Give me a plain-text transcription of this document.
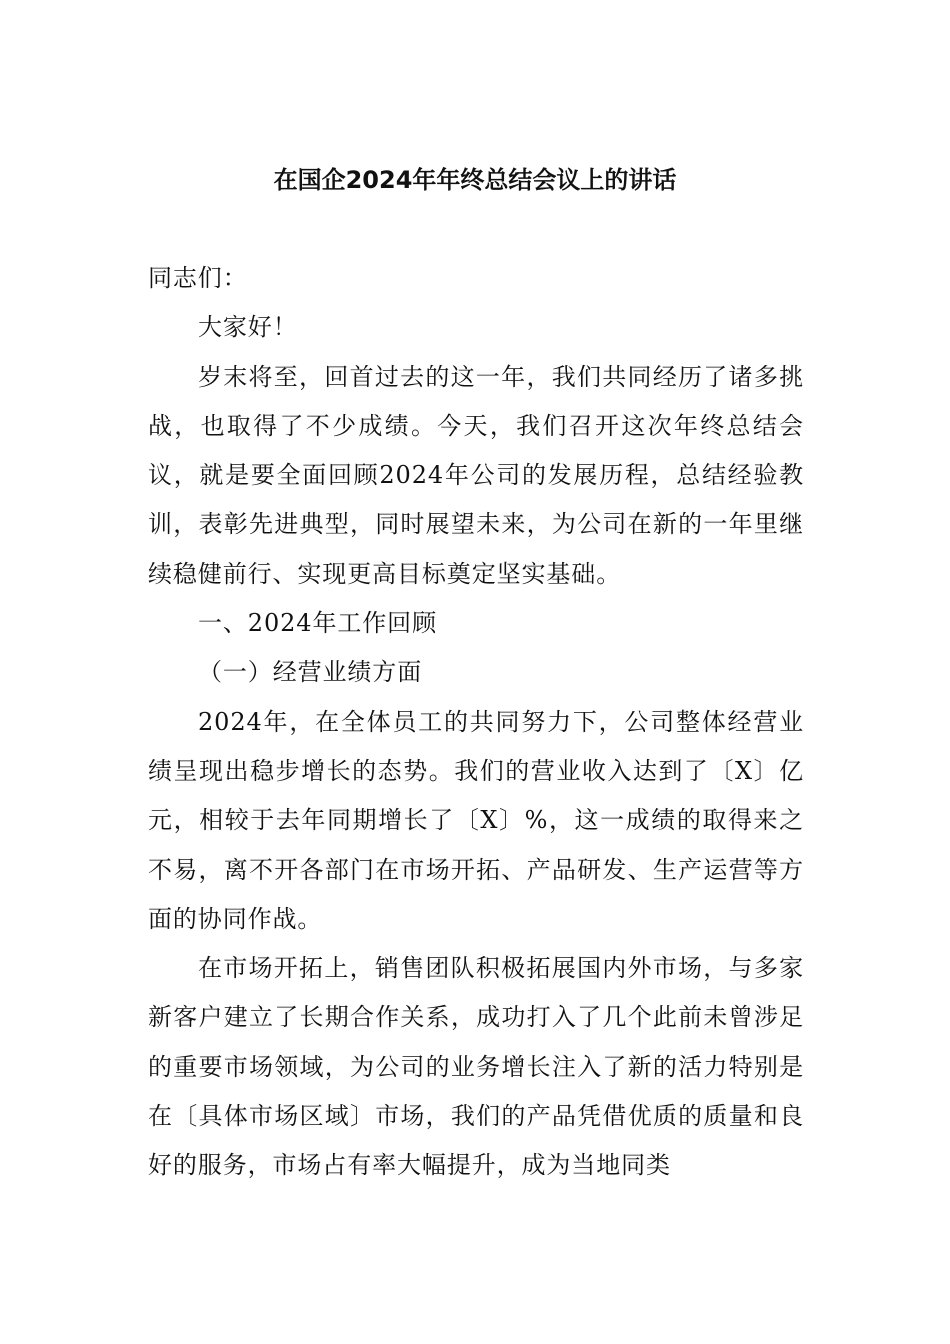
在国企2024年年终总结会议上的讲话

同志们：

大家好！

岁末将至，回首过去的这一年，我们共同经历了诸多挑战，也取得了不少成绩。今天，我们召开这次年终总结会议，就是要全面回顾2024年公司的发展历程，总结经验教训，表彰先进典型，同时展望未来，为公司在新的一年里继续稳健前行、实现更高目标奠定坚实基础。

一、2024年工作回顾

（一）经营业绩方面

2024年，在全体员工的共同努力下，公司整体经营业绩呈现出稳步增长的态势。我们的营业收入达到了〔X〕亿元，相较于去年同期增长了〔X〕%，这一成绩的取得来之不易，离不开各部门在市场开拓、产品研发、生产运营等方面的协同作战。

在市场开拓上，销售团队积极拓展国内外市场，与多家新客户建立了长期合作关系，成功打入了几个此前未曾涉足的重要市场领域，为公司的业务增长注入了新的活力特别是在〔具体市场区域〕市场，我们的产品凭借优质的质量和良好的服务，市场占有率大幅提升，成为当地同类
